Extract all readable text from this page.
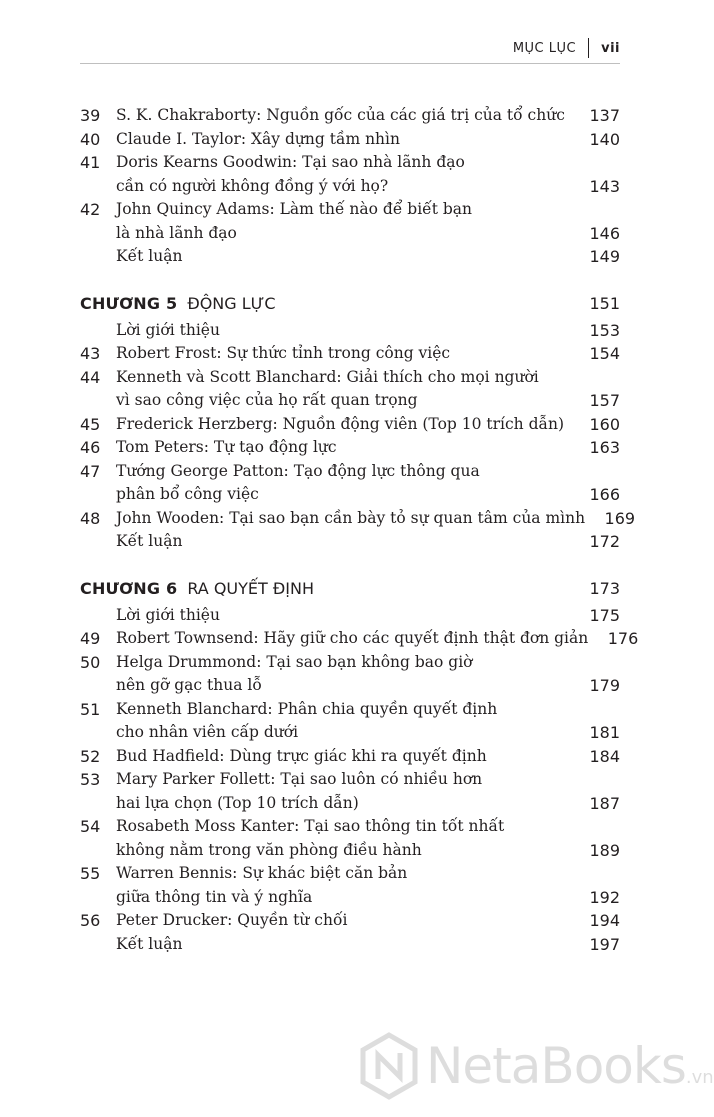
MỤC LỤC vii
39	S. K. Chakraborty: Nguồn gốc của các giá trị của tổ chức	137
40	Claude I. Taylor: Xây dựng tầm nhìn	140
41	Doris Kearns Goodwin: Tại sao nhà lãnh đạo
cần có người không đồng ý với họ?	143
42	John Quincy Adams: Làm thế nào để biết bạn
là nhà lãnh đạo	146
Kết luận	149
CHƯƠNG 5 ĐỘNG LỰC	151
Lời giới thiệu	153
43	Robert Frost: Sự thức tỉnh trong công việc	154
44	Kenneth và Scott Blanchard: Giải thích cho mọi người
vì sao công việc của họ rất quan trọng	157
45	Frederick Herzberg: Nguồn động viên (Top 10 trích dẫn)	160
46	Tom Peters: Tự tạo động lực	163
47	Tướng George Patton: Tạo động lực thông qua
phân bổ công việc	166
48	John Wooden: Tại sao bạn cần bày tỏ sự quan tâm của mình	169
Kết luận	172
CHƯƠNG 6 RA QUYẾT ĐỊNH	173
Lời giới thiệu	175
49	Robert Townsend: Hãy giữ cho các quyết định thật đơn giản	176
50	Helga Drummond: Tại sao bạn không bao giờ
nên gỡ gạc thua lỗ	179
51	Kenneth Blanchard: Phân chia quyền quyết định
cho nhân viên cấp dưới	181
52	Bud Hadfield: Dùng trực giác khi ra quyết định	184
53	Mary Parker Follett: Tại sao luôn có nhiều hơn
hai lựa chọn (Top 10 trích dẫn)	187
54	Rosabeth Moss Kanter: Tại sao thông tin tốt nhất
không nằm trong văn phòng điều hành	189
55	Warren Bennis: Sự khác biệt căn bản
giữa thông tin và ý nghĩa	192
56	Peter Drucker: Quyền từ chối	194
Kết luận	197
NetaBooks.vn
